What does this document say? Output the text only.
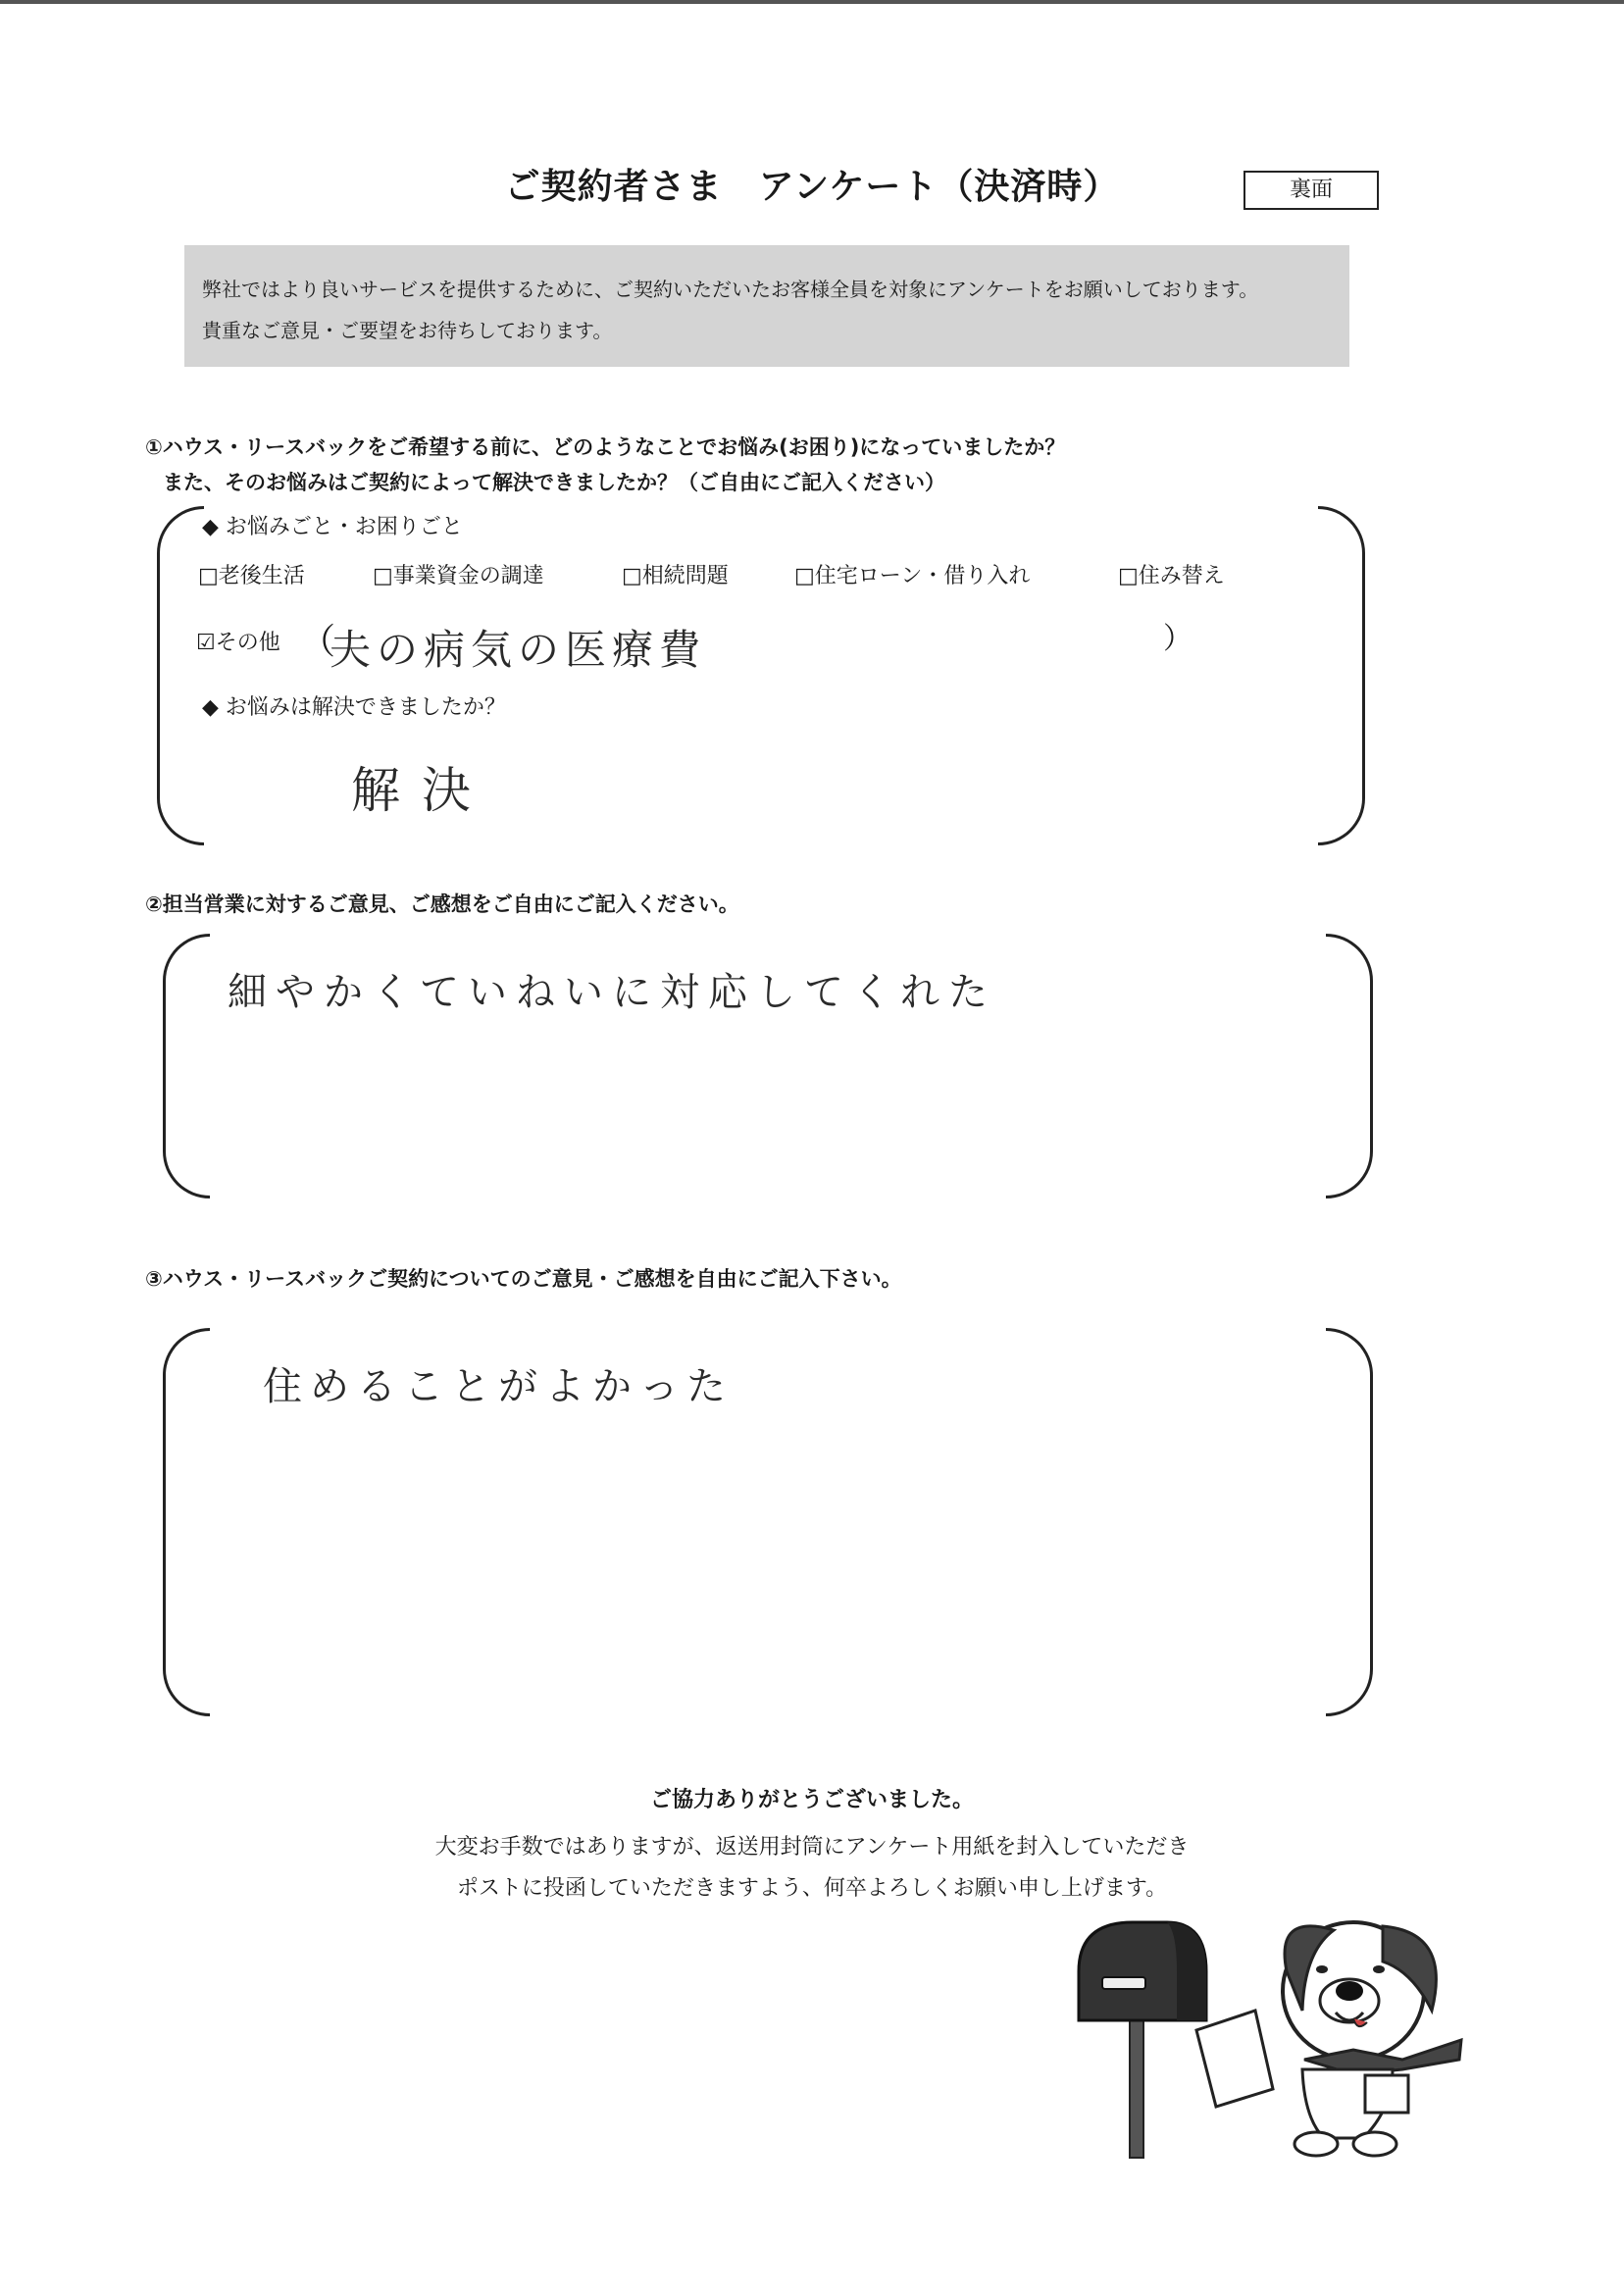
ご契約者さま　アンケート（決済時）	裏面
弊社ではより良いサービスを提供するために、ご契約いただいたお客様全員を対象にアンケートをお願いしております。
貴重なご意見・ご要望をお待ちしております。
①ハウス・リースバックをご希望する前に、どのようなことでお悩み(お困り)になっていましたか？
また、そのお悩みはご契約によって解決できましたか？（ご自由にご記入ください）
◆ お悩みごと・お困りごと
□老後生活	□事業資金の調達	□相続問題	□住宅ローン・借り入れ	□住み替え
☑その他 （
夫の病気の医療費	）
◆ お悩みは解決できましたか？
解決
②担当営業に対するご意見、ご感想をご自由にご記入ください。
細やかくていねいに対応してくれた
③ハウス・リースバックご契約についてのご意見・ご感想を自由にご記入下さい。
住めることがよかった
ご協力ありがとうございました。
大変お手数ではありますが、返送用封筒にアンケート用紙を封入していただき
ポストに投函していただきますよう、何卒よろしくお願い申し上げます。
